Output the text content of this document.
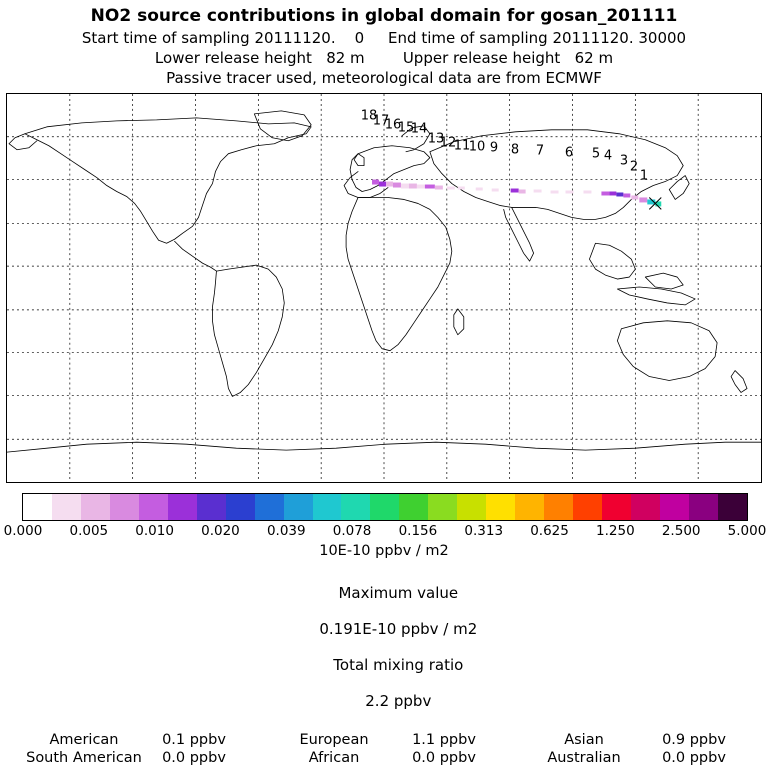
NO2 source contributions in global domain for gosan_201111
Start time of sampling 20111120.    0     End time of sampling 20111120. 30000
Lower release height   82 m        Upper release height   62 m
Passive tracer used, meteorological data are from ECMWF
18
17
16
15
14
13
12
11
10 9 8 7 6 5 4 3 2
1
0.000 0.005 0.010 0.020 0.039 0.078 0.156 0.313 0.625 1.250 2.500 5.000
10E-10 ppbv / m2

Maximum value

0.191E-10 ppbv / m2

Total mixing ratio

2.2 ppbv

American	0.1 ppbv	European	1.1 ppbv	Asian	0.9 ppbv
South American	0.0 ppbv	African	0.0 ppbv	Australian	0.0 ppbv
